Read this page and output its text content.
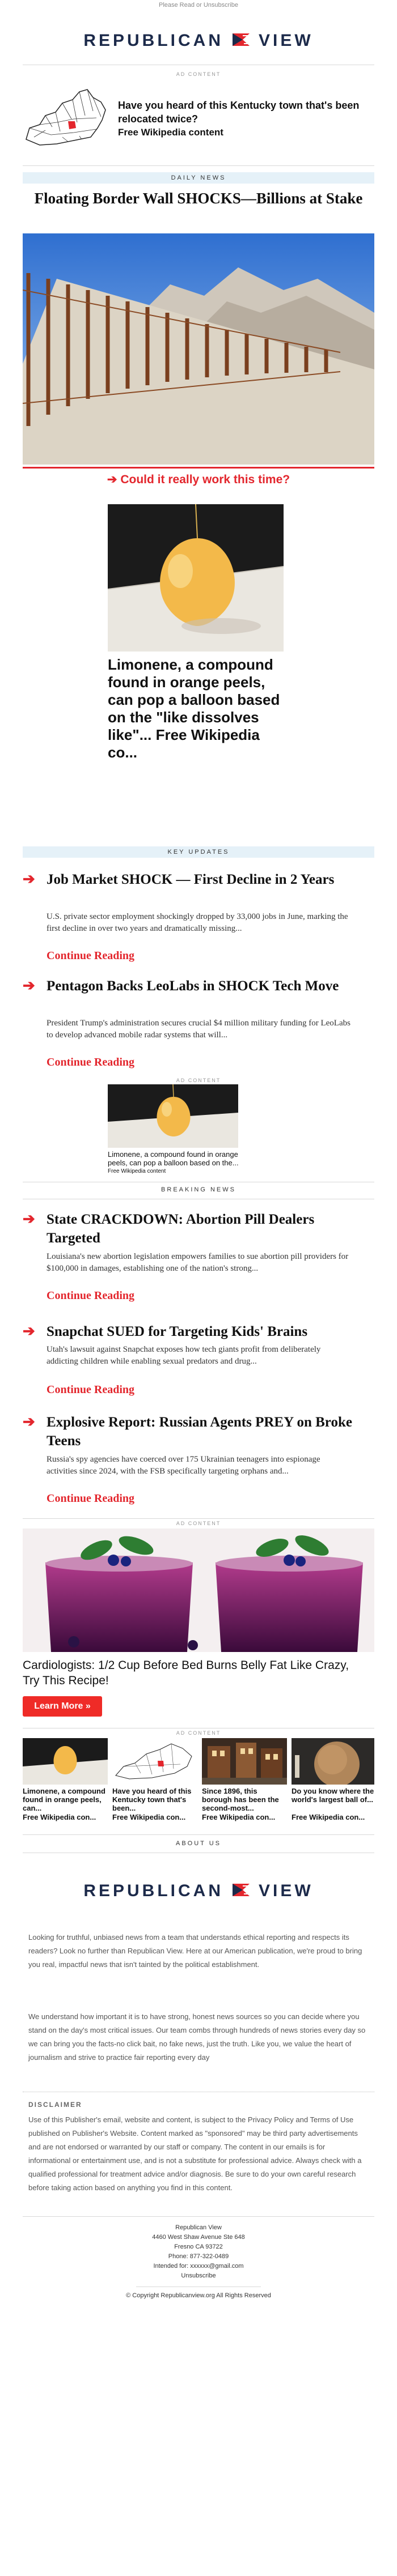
Please Read or Unsubscribe
REPUBLICAN VIEW
AD CONTENT
Have you heard of this Kentucky town that's been relocated twice?
Free Wikipedia content
DAILY NEWS
Floating Border Wall SHOCKS—Billions at Stake
➔ Could it really work this time?
Limonene, a compound found in orange peels, can pop a balloon based on the "like dissolves like"... Free Wikipedia co...
KEY UPDATES
➔ Job Market SHOCK — First Decline in 2 Years
U.S. private sector employment shockingly dropped by 33,000 jobs in June, marking the first decline in over two years and dramatically missing...
Continue Reading
➔ Pentagon Backs LeoLabs in SHOCK Tech Move
President Trump's administration secures crucial $4 million military funding for LeoLabs to develop advanced mobile radar systems that will...
Continue Reading
AD CONTENT
Limonene, a compound found in orange peels, can pop a balloon based on the...
Free Wikipedia content
BREAKING NEWS
➔ State CRACKDOWN: Abortion Pill Dealers Targeted
Louisiana's new abortion legislation empowers families to sue abortion pill providers for $100,000 in damages, establishing one of the nation's strong...
Continue Reading
➔ Snapchat SUED for Targeting Kids' Brains
Utah's lawsuit against Snapchat exposes how tech giants profit from deliberately addicting children while enabling sexual predators and drug...
Continue Reading
➔ Explosive Report: Russian Agents PREY on Broke Teens
Russia's spy agencies have coerced over 175 Ukrainian teenagers into espionage activities since 2024, with the FSB specifically targeting orphans and...
Continue Reading
AD CONTENT
Cardiologists: 1/2 Cup Before Bed Burns Belly Fat Like Crazy, Try This Recipe!
Learn More »
AD CONTENT
Limonene, a compound found in orange peels, can...
Free Wikipedia con...
Have you heard of this Kentucky town that's been...
Free Wikipedia con...
Since 1896, this borough has been the second-most...
Free Wikipedia con...
Do you know where the world's largest ball of...
Free Wikipedia con...
ABOUT US
REPUBLICAN VIEW
Looking for truthful, unbiased news from a team that understands ethical reporting and respects its readers? Look no further than Republican View. Here at our American publication, we're proud to bring you real, impactful news that isn't tainted by the political establishment.
We understand how important it is to have strong, honest news sources so you can decide where you stand on the day's most critical issues. Our team combs through hundreds of news stories every day so we can bring you the facts-no click bait, no fake news, just the truth. Like you, we value the heart of journalism and strive to practice fair reporting every day
DISCLAIMER
Use of this Publisher's email, website and content, is subject to the Privacy Policy and Terms of Use published on Publisher's Website. Content marked as "sponsored" may be third party advertisements and are not endorsed or warranted by our staff or company. The content in our emails is for informational or entertainment use, and is not a substitute for professional advice. Always check with a qualified professional for treatment advice and/or diagnosis. Be sure to do your own careful research before taking action based on anything you find in this content.
Republican View
4460 West Shaw Avenue Ste 648
Fresno CA 93722
Phone: 877-322-0489
Intended for: xxxxxx@gmail.com
Unsubscribe
© Copyright Republicanview.org All Rights Reserved
